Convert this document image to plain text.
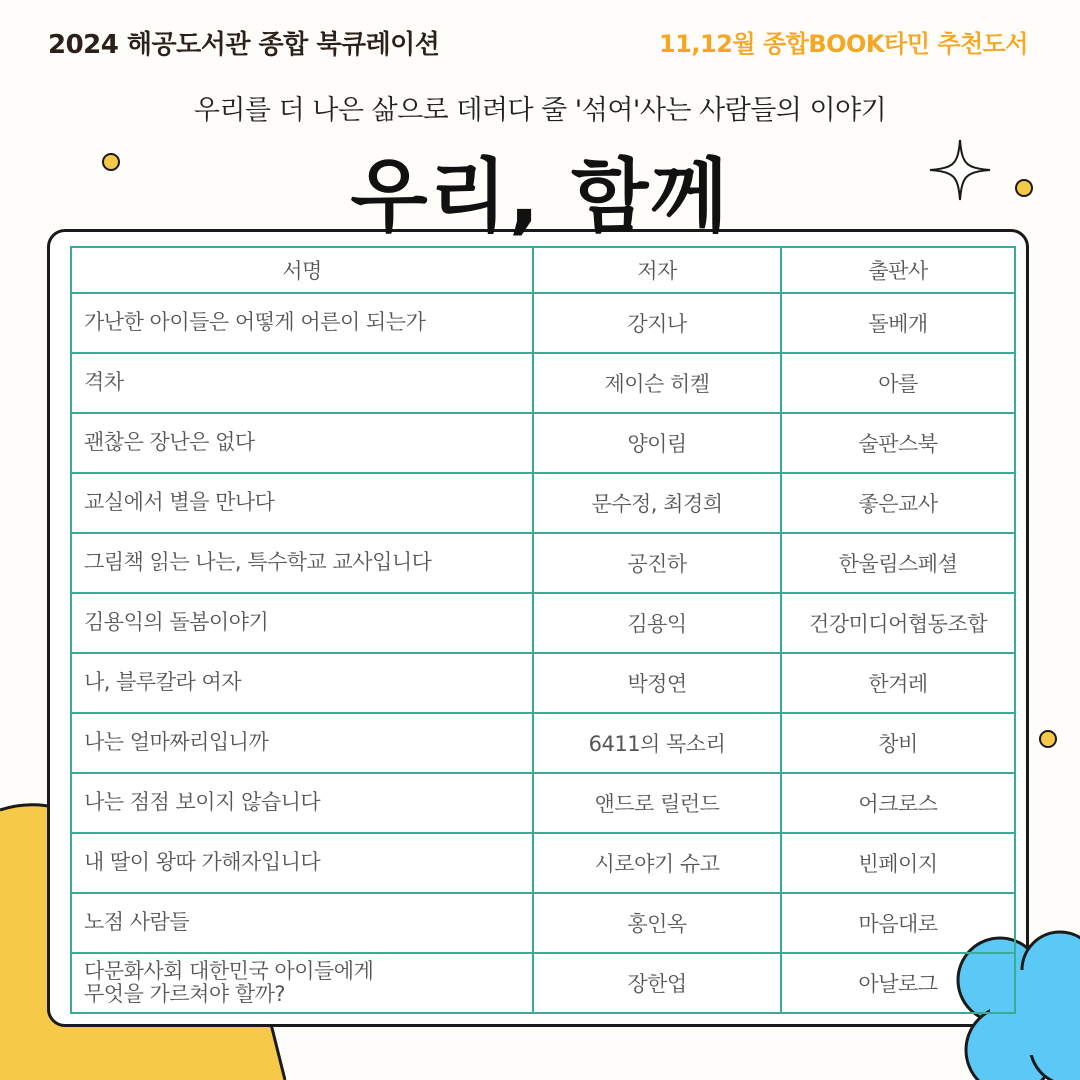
2024 해공도서관 종합 북큐레이션	11,12월 종합BOOK타민 추천도서
우리를 더 나은 삶으로 데려다 줄 '섞여'사는 사람들의 이야기
우리, 함께
서명	저자	출판사
가난한 아이들은 어떻게 어른이 되는가	강지나	돌베개
격차	제이슨 히켈	아를
괜찮은 장난은 없다	양이림	술판스북
교실에서 별을 만나다	문수정, 최경희	좋은교사
그림책 읽는 나는, 특수학교 교사입니다	공진하	한울림스페셜
김용익의 돌봄이야기	김용익	건강미디어협동조합
나, 블루칼라 여자	박정연	한겨레
나는 얼마짜리입니까	6411의 목소리	창비
나는 점점 보이지 않습니다	앤드로 릴런드	어크로스
내 딸이 왕따 가해자입니다	시로야기 슈고	빈페이지
노점 사람들	홍인옥	마음대로
다문화사회 대한민국 아이들에게
무엇을 가르쳐야 할까?	장한업	아날로그
